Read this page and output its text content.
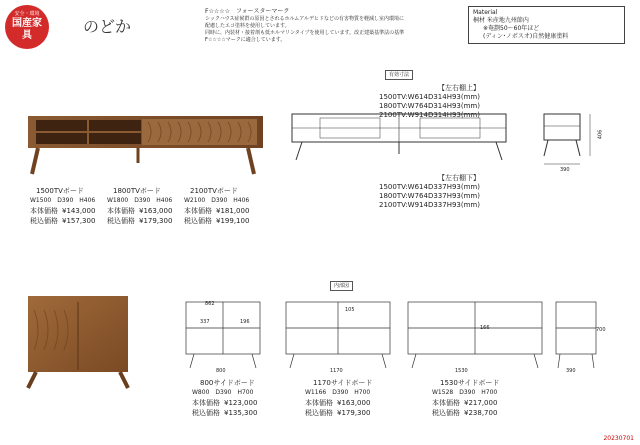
安全・環境
国産家具	のどか
F☆☆☆☆　フォースターマーク
シックハウス症候群の原因とされるホルムアルデヒドなどの有害物質を軽減し室内環境に
配慮したエコ塗料を使用しています。
同時に、内装材・接着剤も低ホルマリンタイプを使用しています。改正建築基準法の基準
F☆☆☆☆マークに適合しています。
Material
桐材 米産地九州節内
※奄劃50～60年ほど
(ディン･ノボスオ)自然健康塗料
有効寸法
【左右棚上】
1500TV:W614D314H93(mm)
1800TV:W764D314H93(mm)
2100TV:W914D314H93(mm)
【左右棚下】
1500TV:W614D337H93(mm)
1800TV:W764D337H93(mm)
2100TV:W914D337H93(mm)
406
390
1500TVボード
W1500　D390　H406
本体価格 ¥143,000
税込価格 ¥157,300
1800TVボード
W1800　D390　H406
本体価格 ¥163,000
税込価格 ¥179,300
2100TVボード
W2100　D390　H406
本体価格 ¥181,000
税込価格 ¥199,100
内部図
862
337	196
105
166
800	1170	1530	390
700
800サイドボード
W800　D390　H700
本体価格 ¥123,000
税込価格 ¥135,300
1170サイドボード
W1166　D390　H700
本体価格 ¥163,000
税込価格 ¥179,300
1530サイドボード
W1528　D390　H700
本体価格 ¥217,000
税込価格 ¥238,700
20230701
